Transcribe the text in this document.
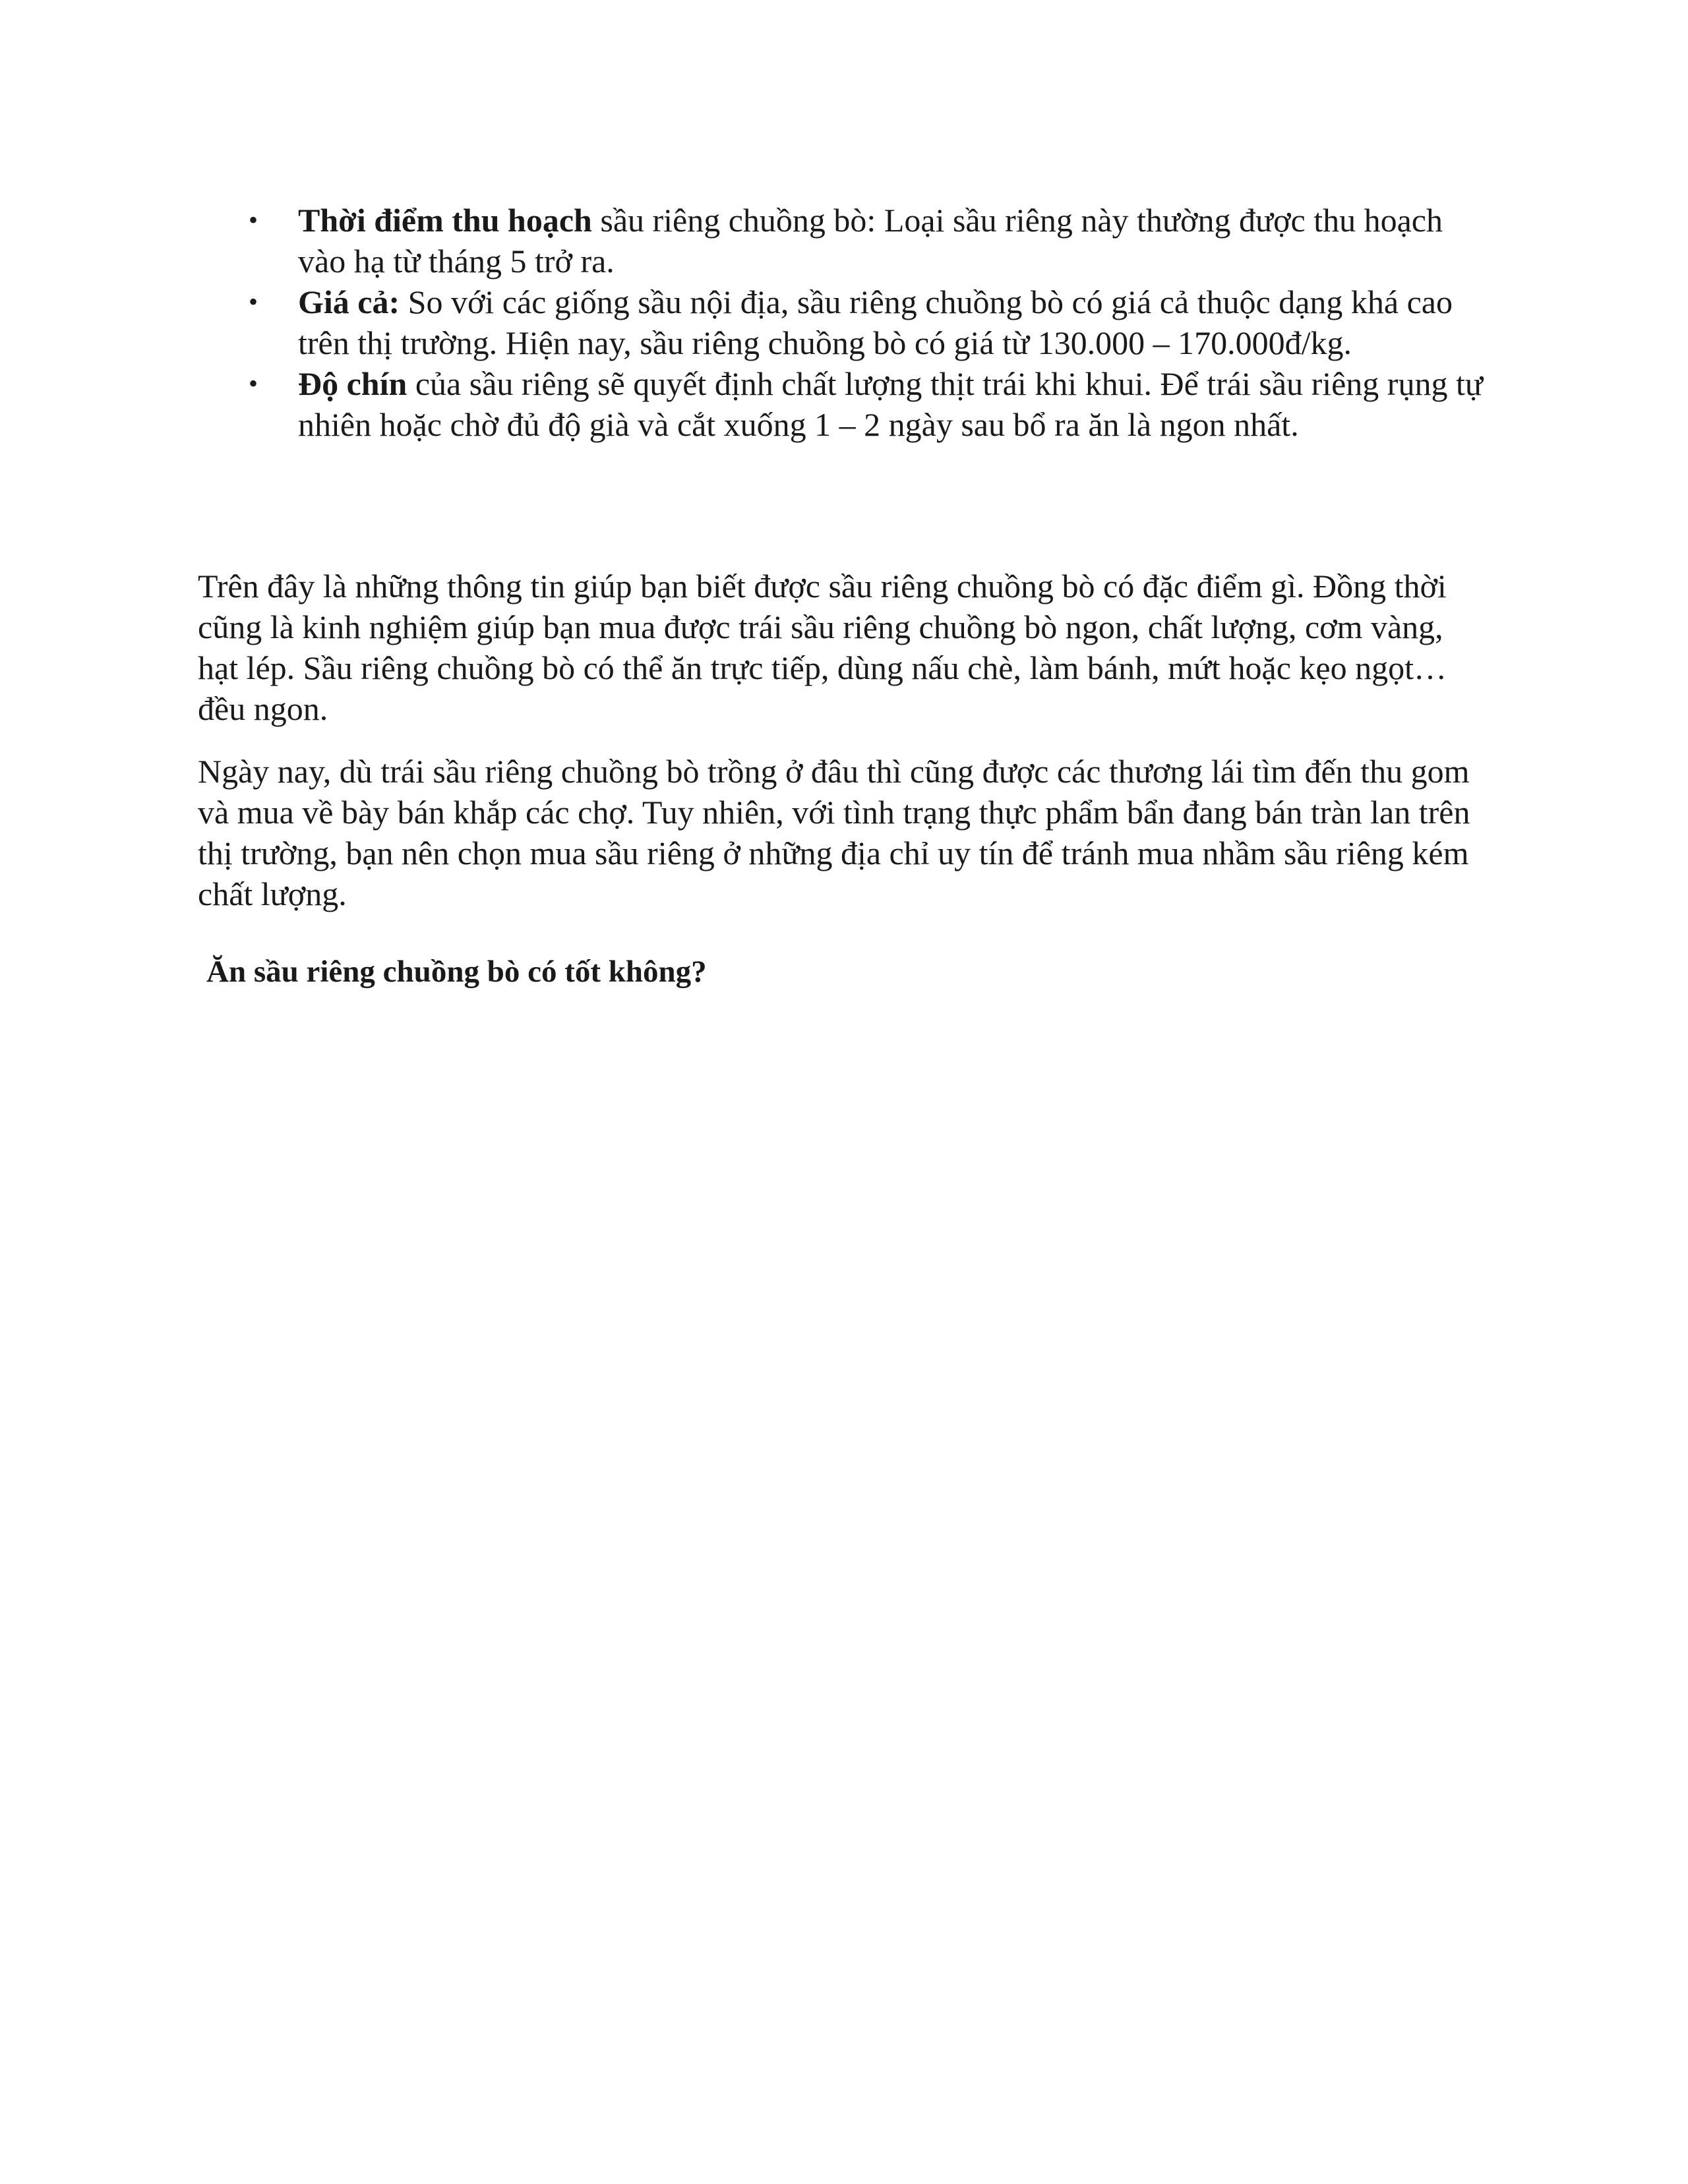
• Thời điểm thu hoạch sầu riêng chuồng bò: Loại sầu riêng này thường được thu hoạch vào hạ từ tháng 5 trở ra.
• Giá cả: So với các giống sầu nội địa, sầu riêng chuồng bò có giá cả thuộc dạng khá cao trên thị trường. Hiện nay, sầu riêng chuồng bò có giá từ 130.000 – 170.000đ/kg.
• Độ chín của sầu riêng sẽ quyết định chất lượng thịt trái khi khui. Để trái sầu riêng rụng tự nhiên hoặc chờ đủ độ già và cắt xuống 1 – 2 ngày sau bổ ra ăn là ngon nhất.

Trên đây là những thông tin giúp bạn biết được sầu riêng chuồng bò có đặc điểm gì. Đồng thời cũng là kinh nghiệm giúp bạn mua được trái sầu riêng chuồng bò ngon, chất lượng, cơm vàng, hạt lép. Sầu riêng chuồng bò có thể ăn trực tiếp, dùng nấu chè, làm bánh, mứt hoặc kẹo ngọt… đều ngon.

Ngày nay, dù trái sầu riêng chuồng bò trồng ở đâu thì cũng được các thương lái tìm đến thu gom và mua về bày bán khắp các chợ. Tuy nhiên, với tình trạng thực phẩm bẩn đang bán tràn lan trên thị trường, bạn nên chọn mua sầu riêng ở những địa chỉ uy tín để tránh mua nhầm sầu riêng kém chất lượng.

Ăn sầu riêng chuồng bò có tốt không?
